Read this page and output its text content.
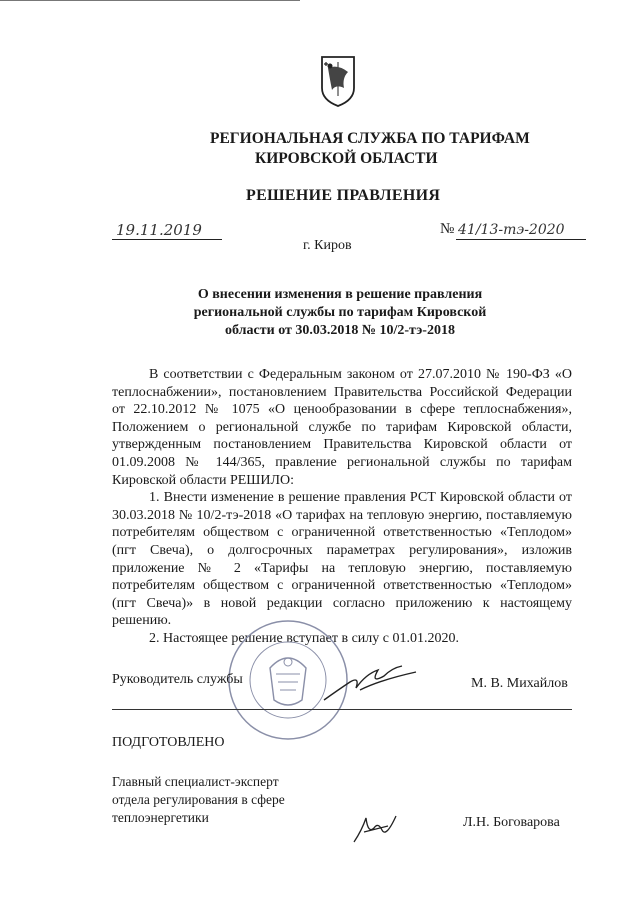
РЕГИОНАЛЬНАЯ СЛУЖБА ПО ТАРИФАМ
КИРОВСКОЙ ОБЛАСТИ
РЕШЕНИЕ ПРАВЛЕНИЯ
19.11.2019	№ 41/13-тэ-2020
г. Киров
О внесении изменения в решение правления
региональной службы по тарифам Кировской
области от 30.03.2018 № 10/2-тэ-2018

В соответствии с Федеральным законом от 27.07.2010 № 190-ФЗ «О теплоснабжении», постановлением Правительства Российской Федерации от 22.10.2012 № 1075 «О ценообразовании в сфере теплоснабжения», Положением о региональной службе по тарифам Кировской области, утвержденным постановлением Правительства Кировской области от 01.09.2008 № 144/365, правление региональной службы по тарифам Кировской области РЕШИЛО:

1. Внести изменение в решение правления РСТ Кировской области от 30.03.2018 № 10/2-тэ-2018 «О тарифах на тепловую энергию, поставляемую потребителям обществом с ограниченной ответственностью «Теплодом» (пгт Свеча), о долгосрочных параметрах регулирования», изложив приложение № 2 «Тарифы на тепловую энергию, поставляемую потребителям обществом с ограниченной ответственностью «Теплодом» (пгт Свеча)» в новой редакции согласно приложению к настоящему решению.

2. Настоящее решение вступает в силу с 01.01.2020.

Руководитель службы	М. В. Михайлов
ПОДГОТОВЛЕНО
Главный специалист-эксперт
отдела регулирования в сфере
теплоэнергетики	Л.Н. Боговарова
